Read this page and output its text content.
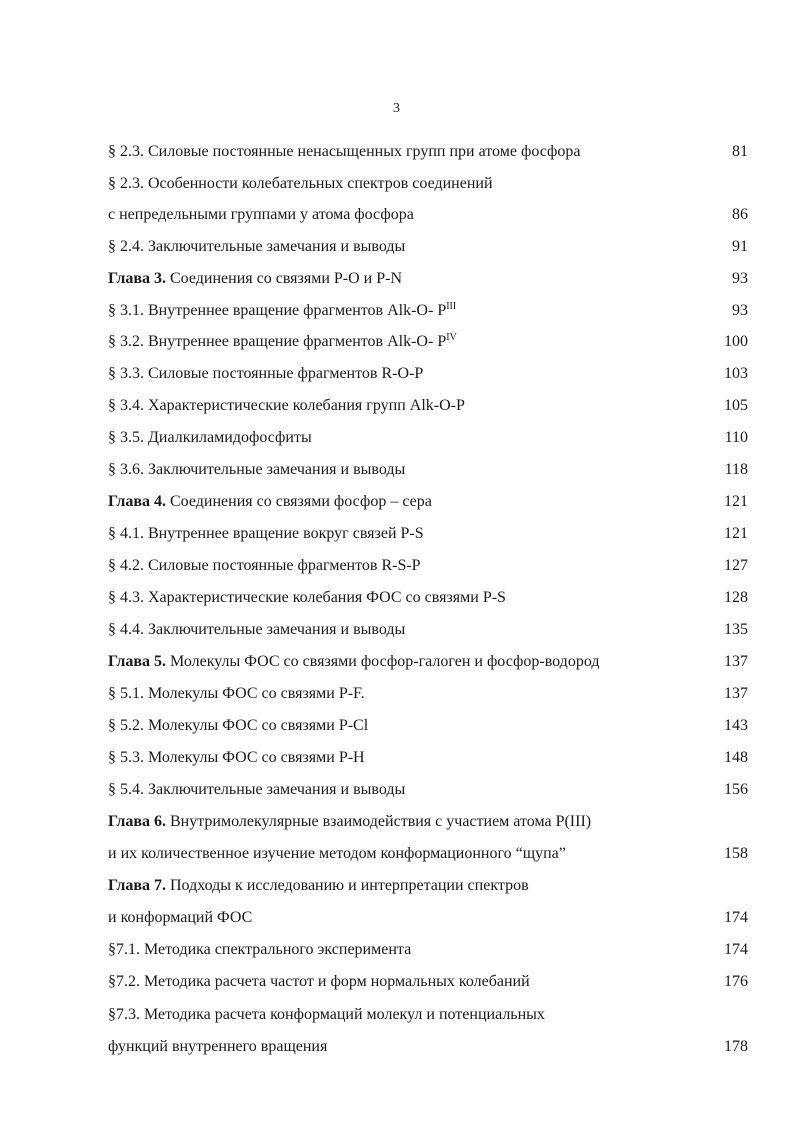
3
§ 2.3. Силовые постоянные ненасыщенных групп при атоме фосфора	81
§ 2.3. Особенности колебательных спектров соединений
с непредельными группами у атома фосфора	86
§ 2.4. Заключительные замечания и выводы	91
Глава 3. Соединения со связями P-O и P-N	93
§ 3.1. Внутреннее вращение фрагментов Alk-O- $P^{III}$	93
§ 3.2. Внутреннее вращение фрагментов Alk-O- $P^{IV}$	100
§ 3.3. Силовые постоянные фрагментов R-O-P	103
§ 3.4. Характеристические колебания групп Alk-O-P	105
§ 3.5. Диалкиламидофосфиты	110
§ 3.6. Заключительные замечания и выводы	118
Глава 4. Соединения со связями фосфор – сера	121
§ 4.1. Внутреннее вращение вокруг связей P-S	121
§ 4.2. Силовые постоянные фрагментов R-S-P	127
§ 4.3. Характеристические колебания ФОС со связями P-S	128
§ 4.4. Заключительные замечания и выводы	135
Глава 5. Молекулы ФОС со связями фосфор-галоген и фосфор-водород	137
§ 5.1. Молекулы ФОС со связями P-F.	137
§ 5.2. Молекулы ФОС со связями P-Cl	143
§ 5.3. Молекулы ФОС со связями P-H	148
§ 5.4. Заключительные замечания и выводы	156
Глава 6. Внутримолекулярные взаимодействия с участием атома P(III)
и их количественное изучение методом конформационного “щупа”	158
Глава 7. Подходы к исследованию и интерпретации спектров
и конформаций ФОС	174
§7.1. Методика спектрального эксперимента	174
§7.2. Методика расчета частот и форм нормальных колебаний	176
§7.3. Методика расчета конформаций молекул и потенциальных
функций внутреннего вращения	178
